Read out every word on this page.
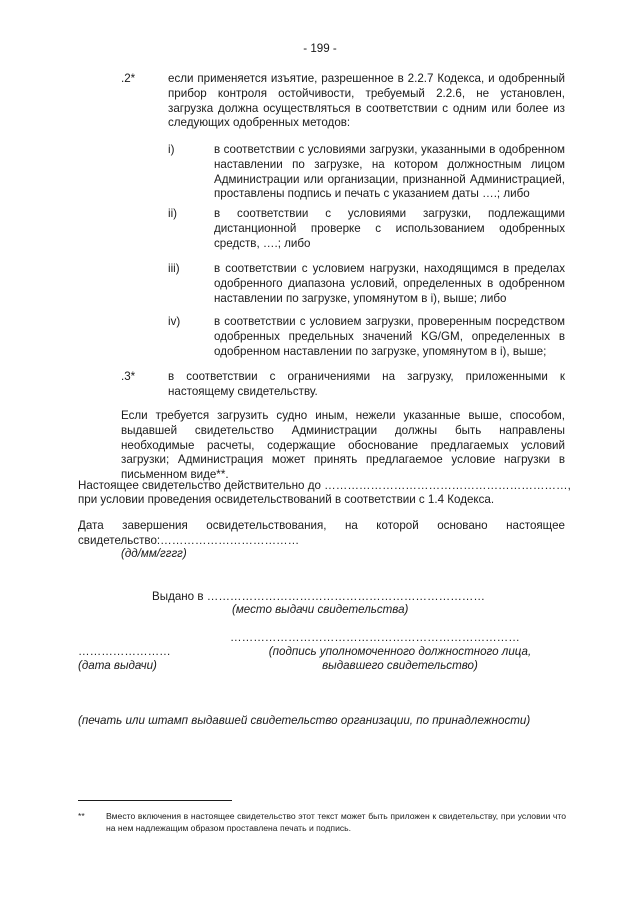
- 199 -
.2*	если применяется изъятие, разрешенное в 2.2.7 Кодекса, и одобренный прибор контроля остойчивости, требуемый 2.2.6, не установлен, загрузка должна осуществляться в соответствии с одним или более из следующих одобренных методов:
i)	в соответствии с условиями загрузки, указанными в одобренном наставлении по загрузке, на котором должностным лицом Администрации или организации, признанной Администрацией, проставлены подпись и печать с указанием даты ….; либо
ii)	в соответствии с условиями загрузки, подлежащими дистанционной проверке с использованием одобренных средств, ….; либо
iii)	в соответствии с условием нагрузки, находящимся в пределах одобренного диапазона условий, определенных в одобренном наставлении по загрузке, упомянутом в i), выше; либо
iv)	в соответствии с условием загрузки, проверенным посредством одобренных предельных значений KG/GM, определенных в одобренном наставлении по загрузке, упомянутом в i), выше;
.3*	в соответствии с ограничениями на загрузку, приложенными к настоящему свидетельству.
Если требуется загрузить судно иным, нежели указанные выше, способом, выдавшей свидетельство Администрации должны быть направлены необходимые расчеты, содержащие обоснование предлагаемых условий загрузки; Администрация может принять предлагаемое условие нагрузки в письменном виде**.
Настоящее свидетельство действительно до ………………………………………………………,
при условии проведения освидетельствований в соответствии с 1.4 Кодекса.
Дата завершения освидетельствования, на которой основано настоящее свидетельство:………………………………
(дд/мм/гггг)
Выдано в ………………………………………………………………
(место выдачи свидетельства)
…………………………………………………………………
……………………	(подпись уполномоченного должностного лица,
(дата выдачи)	выдавшего свидетельство)
(печать или штамп выдавшей свидетельство организации, по принадлежности)
** Вместо включения в настоящее свидетельство этот текст может быть приложен к свидетельству, при условии что на нем надлежащим образом проставлена печать и подпись.
